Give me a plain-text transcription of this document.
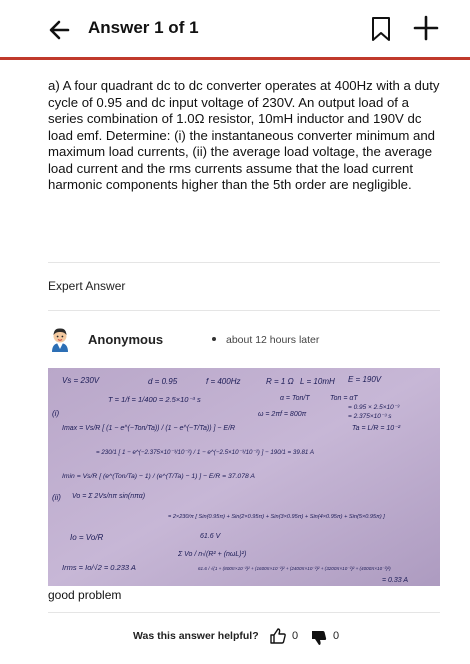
Answer 1 of 1
a) A four quadrant dc to dc converter operates at 400Hz with a duty cycle of 0.95 and dc input voltage of 230V. An output load of a series combination of 1.0Ω resistor, 10mH inductor and 190V dc load emf. Determine: (i) the instantaneous converter minimum and maximum load currents, (ii) the average load voltage, the average load current and the rms currents assume that the load current harmonic components higher than the 5th order are negligible.
Expert Answer
Anonymous	about 12 hours later
Vs = 230V	d = 0.95	f = 400Hz	R = 1 Ω L = 10mH E = 190V
(i)
T = 1/f = 1/400 = 2.5×10⁻³ s	α = Ton/T	Ton = αT
= 0.95 × 2.5×10⁻³
= 2.375×10⁻³ s
ω = 2πf = 800π
Ta = L/R = 10⁻²
Imax = Vs/R [ (1 − e^(−Ton/Ta)) / (1 − e^(−T/Ta)) ] − E/R
= 230/1 [ 1 − e^(−2.375×10⁻³/10⁻²) / 1 − e^(−2.5×10⁻³/10⁻²) ] − 190/1 = 39.81 A
Imin = Vs/R [ (e^(Ton/Ta) − 1) / (e^(T/Ta) − 1) ] − E/R = 37.078 A
(ii) Vo = Σ 2Vs/nπ sin(nπα)
= 2×230/π [ Sin(0.95π) + Sin(2×0.95π) + Sin(3×0.95π) + Sin(4×0.95π) + Sin(5×0.95π) ]
61.6 V
Io = Vo/R
Σ Vo / n√(R² + (nωL)²)
Irms = Io/√2 = 0.233 A	61.6 / √(1 + (800π×10⁻²)² + (1600π×10⁻²)² + (2400π×10⁻²)² + (3200π×10⁻²)² + (4000π×10⁻²)²)
= 0.33 A
good problem
Was this answer helpful?	0	0
